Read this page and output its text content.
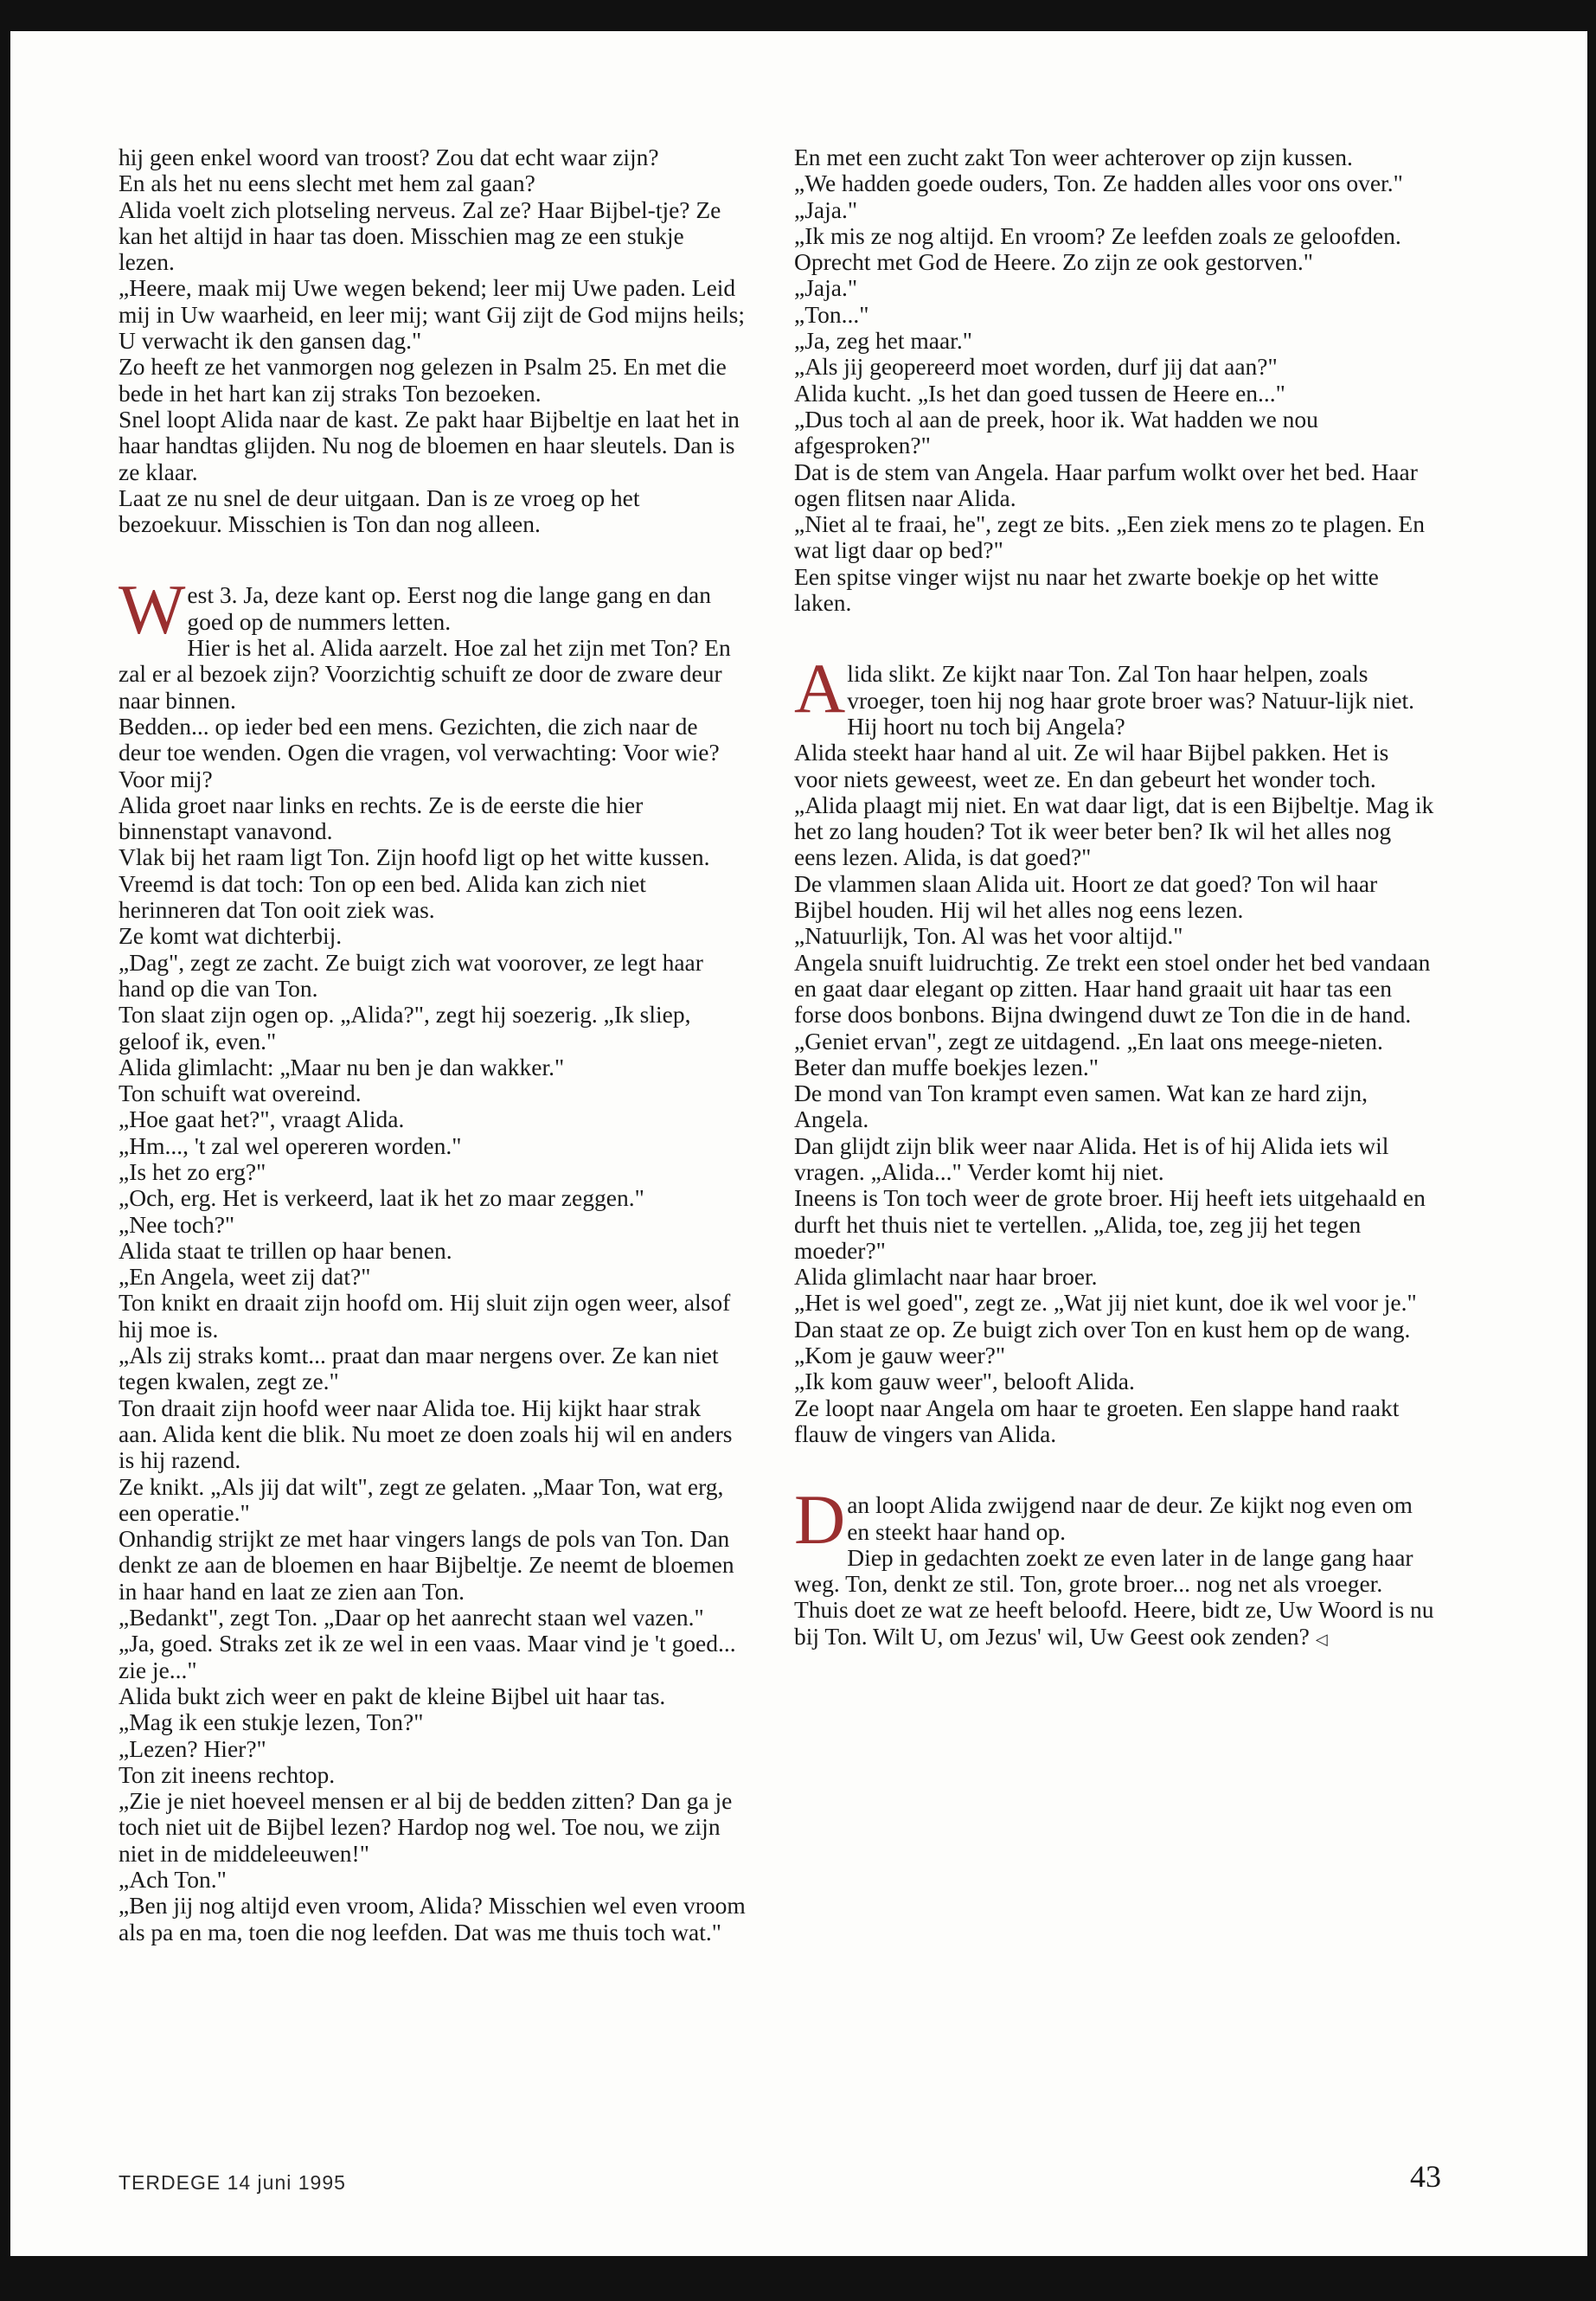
hij geen enkel woord van troost? Zou dat echt waar zijn?

En als het nu eens slecht met hem zal gaan?

Alida voelt zich plotseling nerveus. Zal ze? Haar Bijbel-tje? Ze kan het altijd in haar tas doen. Misschien mag ze een stukje lezen.

„Heere, maak mij Uwe wegen bekend; leer mij Uwe paden. Leid mij in Uw waarheid, en leer mij; want Gij zijt de God mijns heils; U verwacht ik den gansen dag."

Zo heeft ze het vanmorgen nog gelezen in Psalm 25. En met die bede in het hart kan zij straks Ton bezoeken.

Snel loopt Alida naar de kast. Ze pakt haar Bijbeltje en laat het in haar handtas glijden. Nu nog de bloemen en haar sleutels. Dan is ze klaar.

Laat ze nu snel de deur uitgaan. Dan is ze vroeg op het bezoekuur. Misschien is Ton dan nog alleen.

West 3. Ja, deze kant op. Eerst nog die lange gang en dan goed op de nummers letten.

Hier is het al. Alida aarzelt. Hoe zal het zijn met Ton? En zal er al bezoek zijn? Voorzichtig schuift ze door de zware deur naar binnen.

Bedden... op ieder bed een mens. Gezichten, die zich naar de deur toe wenden. Ogen die vragen, vol verwachting: Voor wie? Voor mij?

Alida groet naar links en rechts. Ze is de eerste die hier binnenstapt vanavond.

Vlak bij het raam ligt Ton. Zijn hoofd ligt op het witte kussen. Vreemd is dat toch: Ton op een bed. Alida kan zich niet herinneren dat Ton ooit ziek was.

Ze komt wat dichterbij.

„Dag", zegt ze zacht. Ze buigt zich wat voorover, ze legt haar hand op die van Ton.

Ton slaat zijn ogen op. „Alida?", zegt hij soezerig. „Ik sliep, geloof ik, even."

Alida glimlacht: „Maar nu ben je dan wakker."

Ton schuift wat overeind.

„Hoe gaat het?", vraagt Alida.

„Hm..., 't zal wel opereren worden."

„Is het zo erg?"

„Och, erg. Het is verkeerd, laat ik het zo maar zeggen."

„Nee toch?"

Alida staat te trillen op haar benen.

„En Angela, weet zij dat?"

Ton knikt en draait zijn hoofd om. Hij sluit zijn ogen weer, alsof hij moe is.

„Als zij straks komt... praat dan maar nergens over. Ze kan niet tegen kwalen, zegt ze."

Ton draait zijn hoofd weer naar Alida toe. Hij kijkt haar strak aan. Alida kent die blik. Nu moet ze doen zoals hij wil en anders is hij razend.

Ze knikt. „Als jij dat wilt", zegt ze gelaten. „Maar Ton, wat erg, een operatie."

Onhandig strijkt ze met haar vingers langs de pols van Ton. Dan denkt ze aan de bloemen en haar Bijbeltje. Ze neemt de bloemen in haar hand en laat ze zien aan Ton.

„Bedankt", zegt Ton. „Daar op het aanrecht staan wel vazen."

„Ja, goed. Straks zet ik ze wel in een vaas. Maar vind je 't goed... zie je..."

Alida bukt zich weer en pakt de kleine Bijbel uit haar tas.

„Mag ik een stukje lezen, Ton?"

„Lezen? Hier?"

Ton zit ineens rechtop.

„Zie je niet hoeveel mensen er al bij de bedden zitten? Dan ga je toch niet uit de Bijbel lezen? Hardop nog wel. Toe nou, we zijn niet in de middeleeuwen!"

„Ach Ton."

„Ben jij nog altijd even vroom, Alida? Misschien wel even vroom als pa en ma, toen die nog leefden. Dat was me thuis toch wat."

En met een zucht zakt Ton weer achterover op zijn kussen.

„We hadden goede ouders, Ton. Ze hadden alles voor ons over."

„Jaja."

„Ik mis ze nog altijd. En vroom? Ze leefden zoals ze geloofden. Oprecht met God de Heere. Zo zijn ze ook gestorven."

„Jaja."

„Ton..."

„Ja, zeg het maar."

„Als jij geopereerd moet worden, durf jij dat aan?"

Alida kucht. „Is het dan goed tussen de Heere en..."

„Dus toch al aan de preek, hoor ik. Wat hadden we nou afgesproken?"

Dat is de stem van Angela. Haar parfum wolkt over het bed. Haar ogen flitsen naar Alida.

„Niet al te fraai, he", zegt ze bits. „Een ziek mens zo te plagen. En wat ligt daar op bed?"

Een spitse vinger wijst nu naar het zwarte boekje op het witte laken.

Alida slikt. Ze kijkt naar Ton. Zal Ton haar helpen, zoals vroeger, toen hij nog haar grote broer was? Natuur-lijk niet. Hij hoort nu toch bij Angela?

Alida steekt haar hand al uit. Ze wil haar Bijbel pakken. Het is voor niets geweest, weet ze. En dan gebeurt het wonder toch.

„Alida plaagt mij niet. En wat daar ligt, dat is een Bijbeltje. Mag ik het zo lang houden? Tot ik weer beter ben? Ik wil het alles nog eens lezen. Alida, is dat goed?"

De vlammen slaan Alida uit. Hoort ze dat goed? Ton wil haar Bijbel houden. Hij wil het alles nog eens lezen.

„Natuurlijk, Ton. Al was het voor altijd."

Angela snuift luidruchtig. Ze trekt een stoel onder het bed vandaan en gaat daar elegant op zitten. Haar hand graait uit haar tas een forse doos bonbons. Bijna dwingend duwt ze Ton die in de hand.

„Geniet ervan", zegt ze uitdagend. „En laat ons meege-nieten. Beter dan muffe boekjes lezen."

De mond van Ton krampt even samen. Wat kan ze hard zijn, Angela.

Dan glijdt zijn blik weer naar Alida. Het is of hij Alida iets wil vragen. „Alida..." Verder komt hij niet.

Ineens is Ton toch weer de grote broer. Hij heeft iets uitgehaald en durft het thuis niet te vertellen. „Alida, toe, zeg jij het tegen moeder?"

Alida glimlacht naar haar broer.

„Het is wel goed", zegt ze. „Wat jij niet kunt, doe ik wel voor je."

Dan staat ze op. Ze buigt zich over Ton en kust hem op de wang.

„Kom je gauw weer?"

„Ik kom gauw weer", belooft Alida.

Ze loopt naar Angela om haar te groeten. Een slappe hand raakt flauw de vingers van Alida.

Dan loopt Alida zwijgend naar de deur. Ze kijkt nog even om en steekt haar hand op.

Diep in gedachten zoekt ze even later in de lange gang haar weg. Ton, denkt ze stil. Ton, grote broer... nog net als vroeger.

Thuis doet ze wat ze heeft beloofd. Heere, bidt ze, Uw Woord is nu bij Ton. Wilt U, om Jezus' wil, Uw Geest ook zenden? ◁

TERDEGE 14 juni 1995	43
